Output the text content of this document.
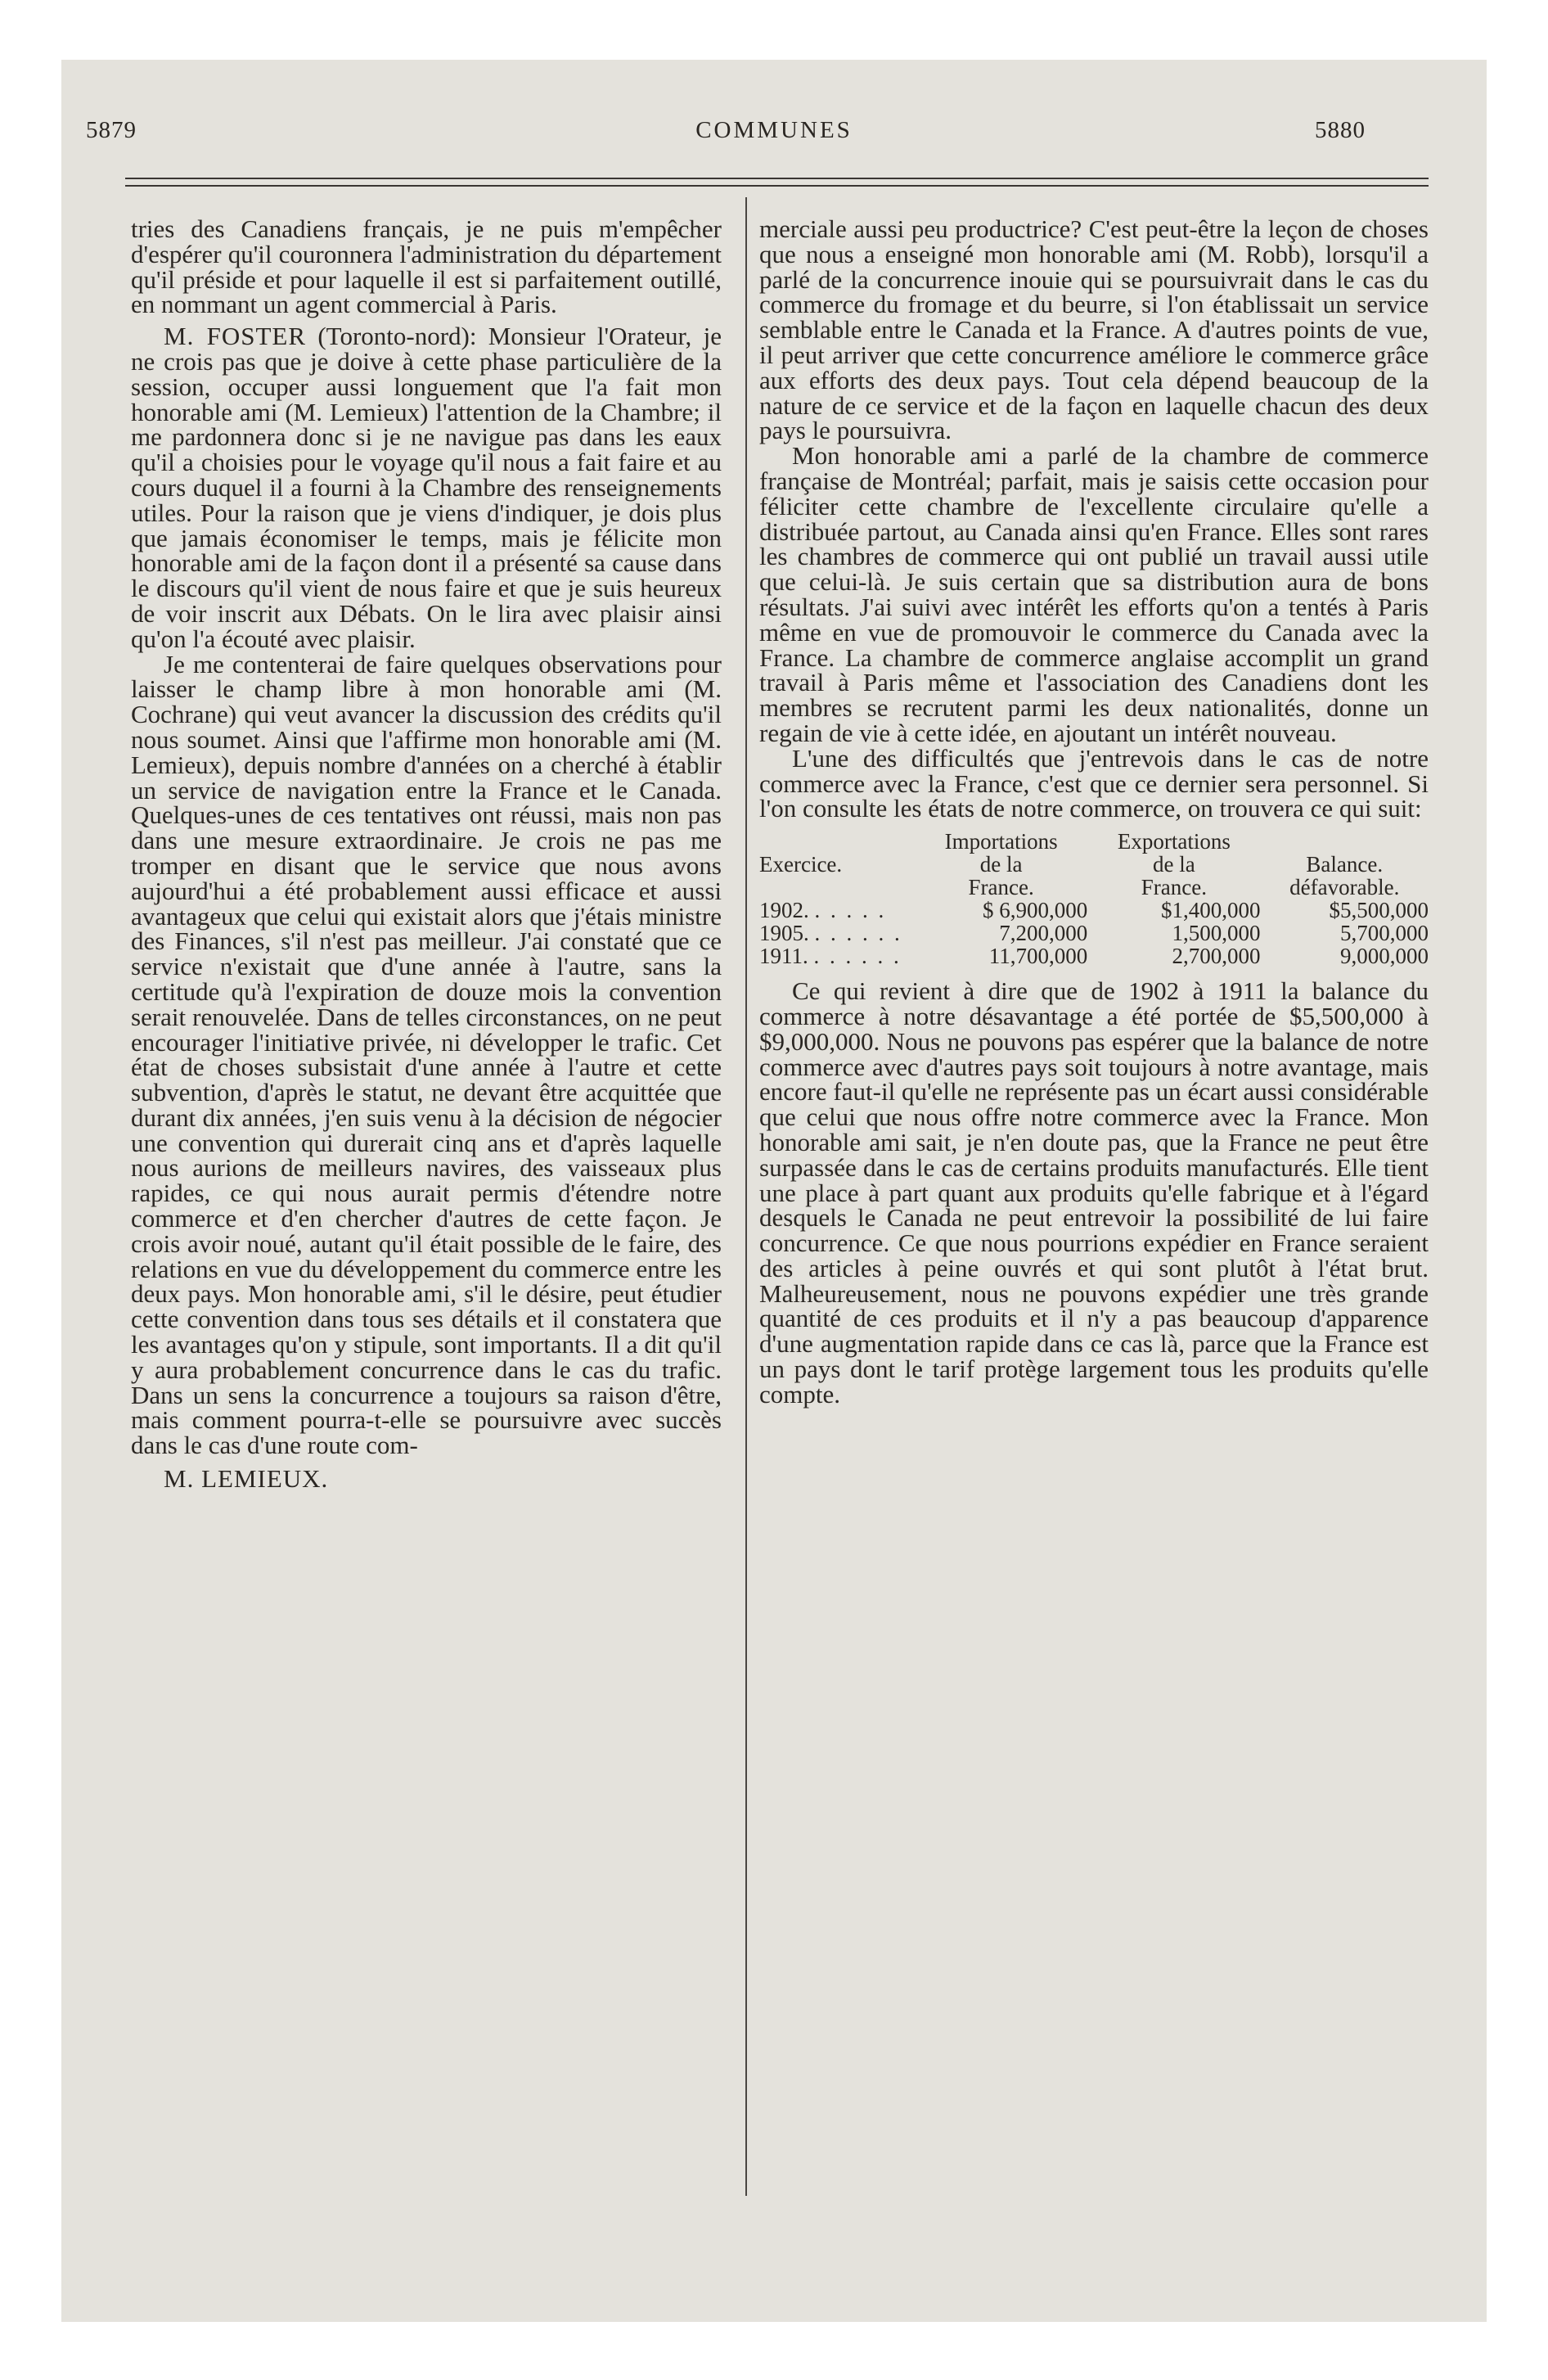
5879	COMMUNES	5880

tries des Canadiens français, je ne puis m'empêcher d'espérer qu'il couronnera l'administration du département qu'il préside et pour laquelle il est si parfaitement outillé, en nommant un agent commercial à Paris.

M. FOSTER (Toronto-nord): Monsieur l'Orateur, je ne crois pas que je doive à cette phase particulière de la session, occuper aussi longuement que l'a fait mon honorable ami (M. Lemieux) l'attention de la Chambre; il me pardonnera donc si je ne navigue pas dans les eaux qu'il a choisies pour le voyage qu'il nous a fait faire et au cours duquel il a fourni à la Chambre des renseignements utiles. Pour la raison que je viens d'indiquer, je dois plus que jamais économiser le temps, mais je félicite mon honorable ami de la façon dont il a présenté sa cause dans le discours qu'il vient de nous faire et que je suis heureux de voir inscrit aux Débats. On le lira avec plaisir ainsi qu'on l'a écouté avec plaisir.

Je me contenterai de faire quelques observations pour laisser le champ libre à mon honorable ami (M. Cochrane) qui veut avancer la discussion des crédits qu'il nous soumet. Ainsi que l'affirme mon honorable ami (M. Lemieux), depuis nombre d'années on a cherché à établir un service de navigation entre la France et le Canada. Quelques-unes de ces tentatives ont réussi, mais non pas dans une mesure extraordinaire. Je crois ne pas me tromper en disant que le service que nous avons aujourd'hui a été probablement aussi efficace et aussi avantageux que celui qui existait alors que j'étais ministre des Finances, s'il n'est pas meilleur. J'ai constaté que ce service n'existait que d'une année à l'autre, sans la certitude qu'à l'expiration de douze mois la convention serait renouvelée. Dans de telles circonstances, on ne peut encourager l'initiative privée, ni développer le trafic. Cet état de choses subsistait d'une année à l'autre et cette subvention, d'après le statut, ne devant être acquittée que durant dix années, j'en suis venu à la décision de négocier une convention qui durerait cinq ans et d'après laquelle nous aurions de meilleurs navires, des vaisseaux plus rapides, ce qui nous aurait permis d'étendre notre commerce et d'en chercher d'autres de cette façon. Je crois avoir noué, autant qu'il était possible de le faire, des relations en vue du développement du commerce entre les deux pays. Mon honorable ami, s'il le désire, peut étudier cette convention dans tous ses détails et il constatera que les avantages qu'on y stipule, sont importants. Il a dit qu'il y aura probablement concurrence dans le cas du trafic. Dans un sens la concurrence a toujours sa raison d'être, mais comment pourra-t-elle se poursuivre avec succès dans le cas d'une route com-

M. LEMIEUX.

merciale aussi peu productrice? C'est peut-être la leçon de choses que nous a enseigné mon honorable ami (M. Robb), lorsqu'il a parlé de la concurrence inouie qui se poursuivrait dans le cas du commerce du fromage et du beurre, si l'on établissait un service semblable entre le Canada et la France. A d'autres points de vue, il peut arriver que cette concurrence améliore le commerce grâce aux efforts des deux pays. Tout cela dépend beaucoup de la nature de ce service et de la façon en laquelle chacun des deux pays le poursuivra.

Mon honorable ami a parlé de la chambre de commerce française de Montréal; parfait, mais je saisis cette occasion pour féliciter cette chambre de l'excellente circulaire qu'elle a distribuée partout, au Canada ainsi qu'en France. Elles sont rares les chambres de commerce qui ont publié un travail aussi utile que celui-là. Je suis certain que sa distribution aura de bons résultats. J'ai suivi avec intérêt les efforts qu'on a tentés à Paris même en vue de promouvoir le commerce du Canada avec la France. La chambre de commerce anglaise accomplit un grand travail à Paris même et l'association des Canadiens dont les membres se recrutent parmi les deux nationalités, donne un regain de vie à cette idée, en ajoutant un intérêt nouveau.

L'une des difficultés que j'entrevois dans le cas de notre commerce avec la France, c'est que ce dernier sera personnel. Si l'on consulte les états de notre commerce, on trouvera ce qui suit:

	Importations	Exportations	
Exercice.	de la	de la	Balance.
	France.	France.	défavorable.
1902. . . . . .	$ 6,900,000	$1,400,000	$5,500,000
1905. . . . . . .	7,200,000	1,500,000	5,700,000
1911. . . . . . .	11,700,000	2,700,000	9,000,000

Ce qui revient à dire que de 1902 à 1911 la balance du commerce à notre désavantage a été portée de $5,500,000 à $9,000,000. Nous ne pouvons pas espérer que la balance de notre commerce avec d'autres pays soit toujours à notre avantage, mais encore faut-il qu'elle ne représente pas un écart aussi considérable que celui que nous offre notre commerce avec la France. Mon honorable ami sait, je n'en doute pas, que la France ne peut être surpassée dans le cas de certains produits manufacturés. Elle tient une place à part quant aux produits qu'elle fabrique et à l'égard desquels le Canada ne peut entrevoir la possibilité de lui faire concurrence. Ce que nous pourrions expédier en France seraient des articles à peine ouvrés et qui sont plutôt à l'état brut. Malheureusement, nous ne pouvons expédier une très grande quantité de ces produits et il n'y a pas beaucoup d'apparence d'une augmentation rapide dans ce cas là, parce que la France est un pays dont le tarif protège largement tous les produits qu'elle compte.
